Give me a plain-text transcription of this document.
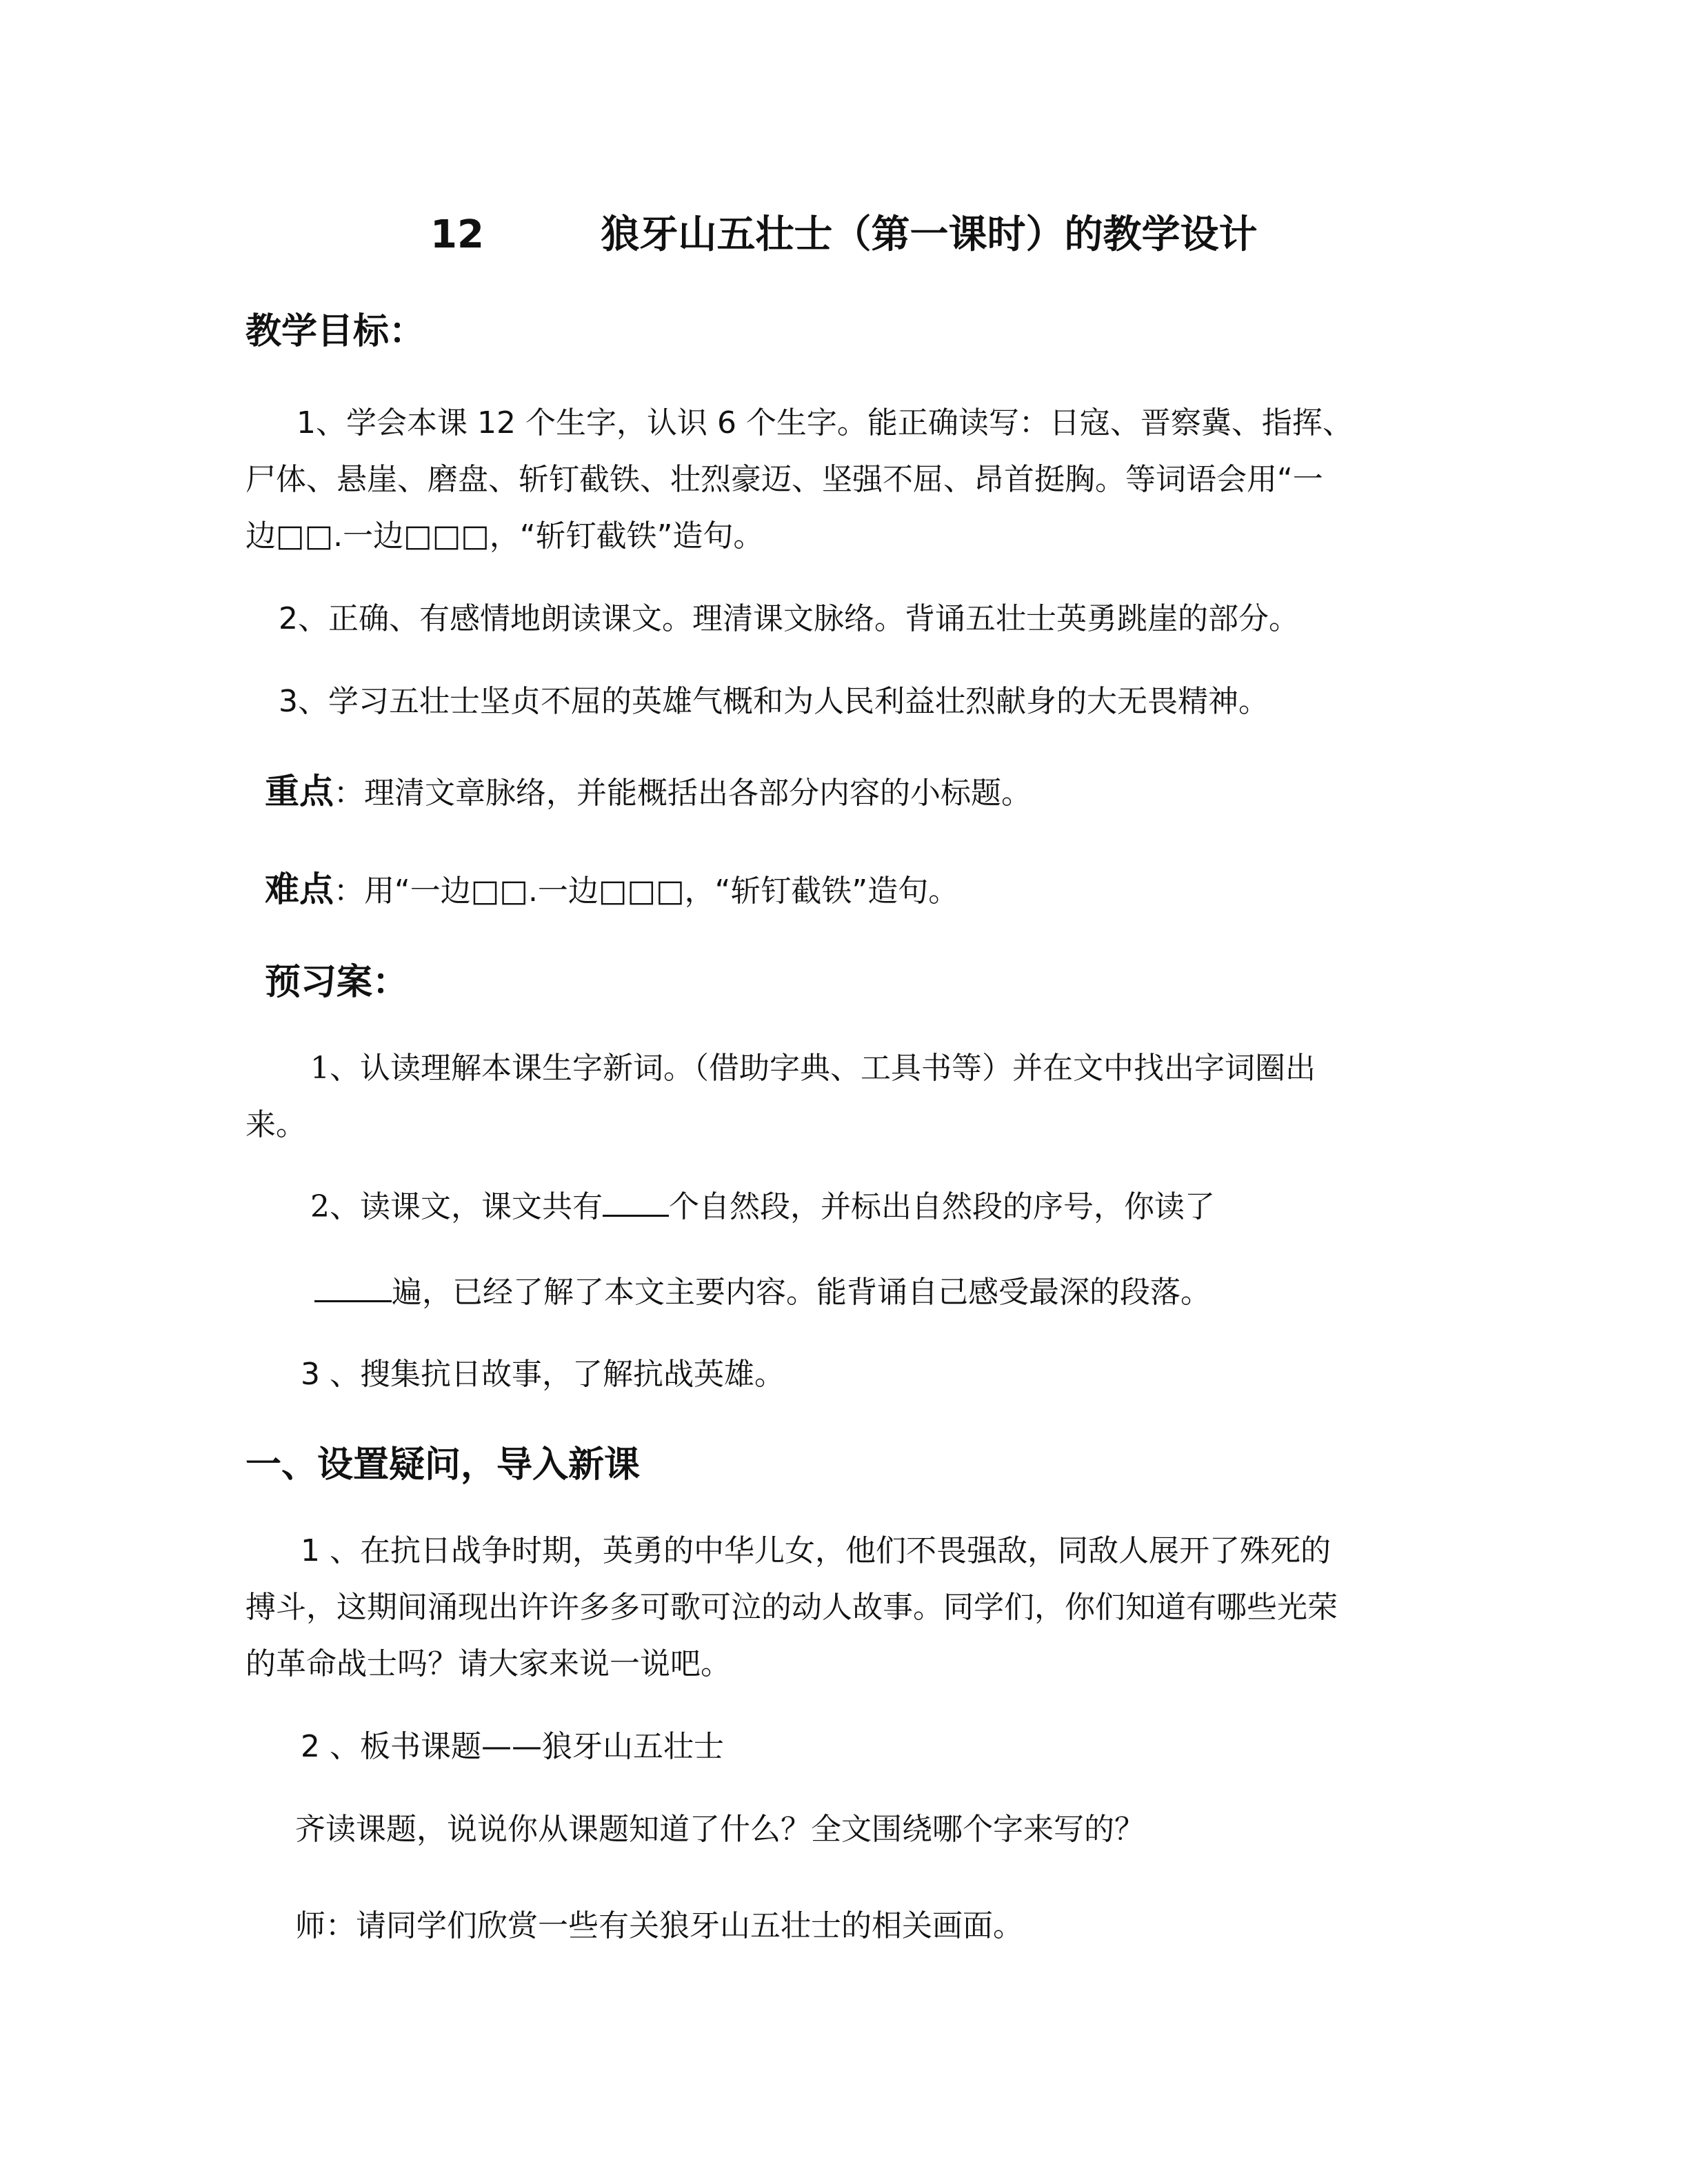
12	狼牙山五壮士（第一课时）的教学设计
教学目标：
1、学会本课 12 个生字，认识 6 个生字。能正确读写：日寇、晋察冀、指挥、
尸体、悬崖、磨盘、斩钉截铁、壮烈豪迈、坚强不屈、昂首挺胸。等词语会用“一
边□□.一边□□□，“斩钉截铁”造句。
2、正确、有感情地朗读课文。理清课文脉络。背诵五壮士英勇跳崖的部分。
3、学习五壮士坚贞不屈的英雄气概和为人民利益壮烈献身的大无畏精神。
重点：理清文章脉络，并能概括出各部分内容的小标题。
难点：用“一边□□.一边□□□，“斩钉截铁”造句。
预习案：
1、认读理解本课生字新词。（借助字典、工具书等）并在文中找出字词圈出
来。
2、读课文，课文共有 个自然段，并标出自然段的序号，你读了
遍，已经了解了本文主要内容。能背诵自己感受最深的段落。
3 、搜集抗日故事，了解抗战英雄。
一、设置疑问，导入新课
1 、在抗日战争时期，英勇的中华儿女，他们不畏强敌，同敌人展开了殊死的
搏斗，这期间涌现出许许多多可歌可泣的动人故事。同学们，你们知道有哪些光荣
的革命战士吗？请大家来说一说吧。
2 、板书课题——狼牙山五壮士
齐读课题，说说你从课题知道了什么？全文围绕哪个字来写的？
师：请同学们欣赏一些有关狼牙山五壮士的相关画面。
